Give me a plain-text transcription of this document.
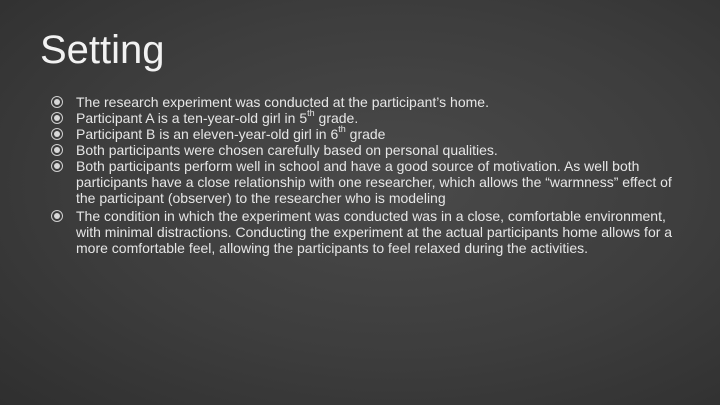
Setting
The research experiment was conducted at the participant’s home.
Participant A is a ten-year-old girl in 5th grade.
Participant B is an eleven-year-old girl in 6th grade
Both participants were chosen carefully based on personal qualities.
Both participants perform well in school and have a good source of motivation. As well both participants have a close relationship with one researcher, which allows the “warmness” effect of the participant (observer) to the researcher who is modeling
The condition in which the experiment was conducted was in a close, comfortable environment, with minimal distractions. Conducting the experiment at the actual participants home allows for a more comfortable feel, allowing the participants to feel relaxed during the activities.
